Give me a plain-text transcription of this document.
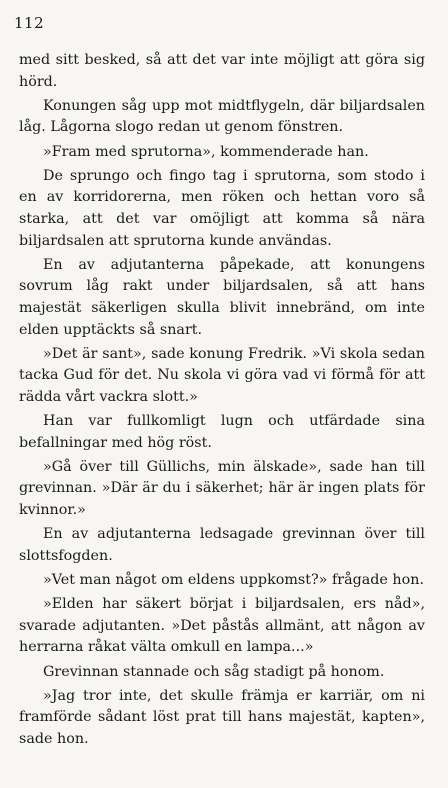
112

med sitt besked, så att det var inte möjligt att göra sig hörd.

Konungen såg upp mot midtflygeln, där biljardsalen låg. Lågorna slogo redan ut genom fönstren.

»Fram med sprutorna», kommenderade han.

De sprungo och fingo tag i sprutorna, som stodo i en av korridorerna, men röken och hettan voro så starka, att det var omöjligt att komma så nära biljardsalen att sprutorna kunde användas.

En av adjutanterna påpekade, att konungens sovrum låg rakt under biljardsalen, så att hans majestät säkerligen skulla blivit innebränd, om inte elden upptäckts så snart.

»Det är sant», sade konung Fredrik. »Vi skola sedan tacka Gud för det. Nu skola vi göra vad vi förmå för att rädda vårt vackra slott.»

Han var fullkomligt lugn och utfärdade sina befallningar med hög röst.

»Gå över till Güllichs, min älskade», sade han till grevinnan. »Där är du i säkerhet; här är ingen plats för kvinnor.»

En av adjutanterna ledsagade grevinnan över till slottsfogden.

»Vet man något om eldens uppkomst?» frågade hon.

»Elden har säkert börjat i biljardsalen, ers nåd», svarade adjutanten. »Det påstås allmänt, att någon av herrarna råkat välta omkull en lampa...»

Grevinnan stannade och såg stadigt på honom.

»Jag tror inte, det skulle främja er karriär, om ni framförde sådant löst prat till hans majestät, kapten», sade hon.
